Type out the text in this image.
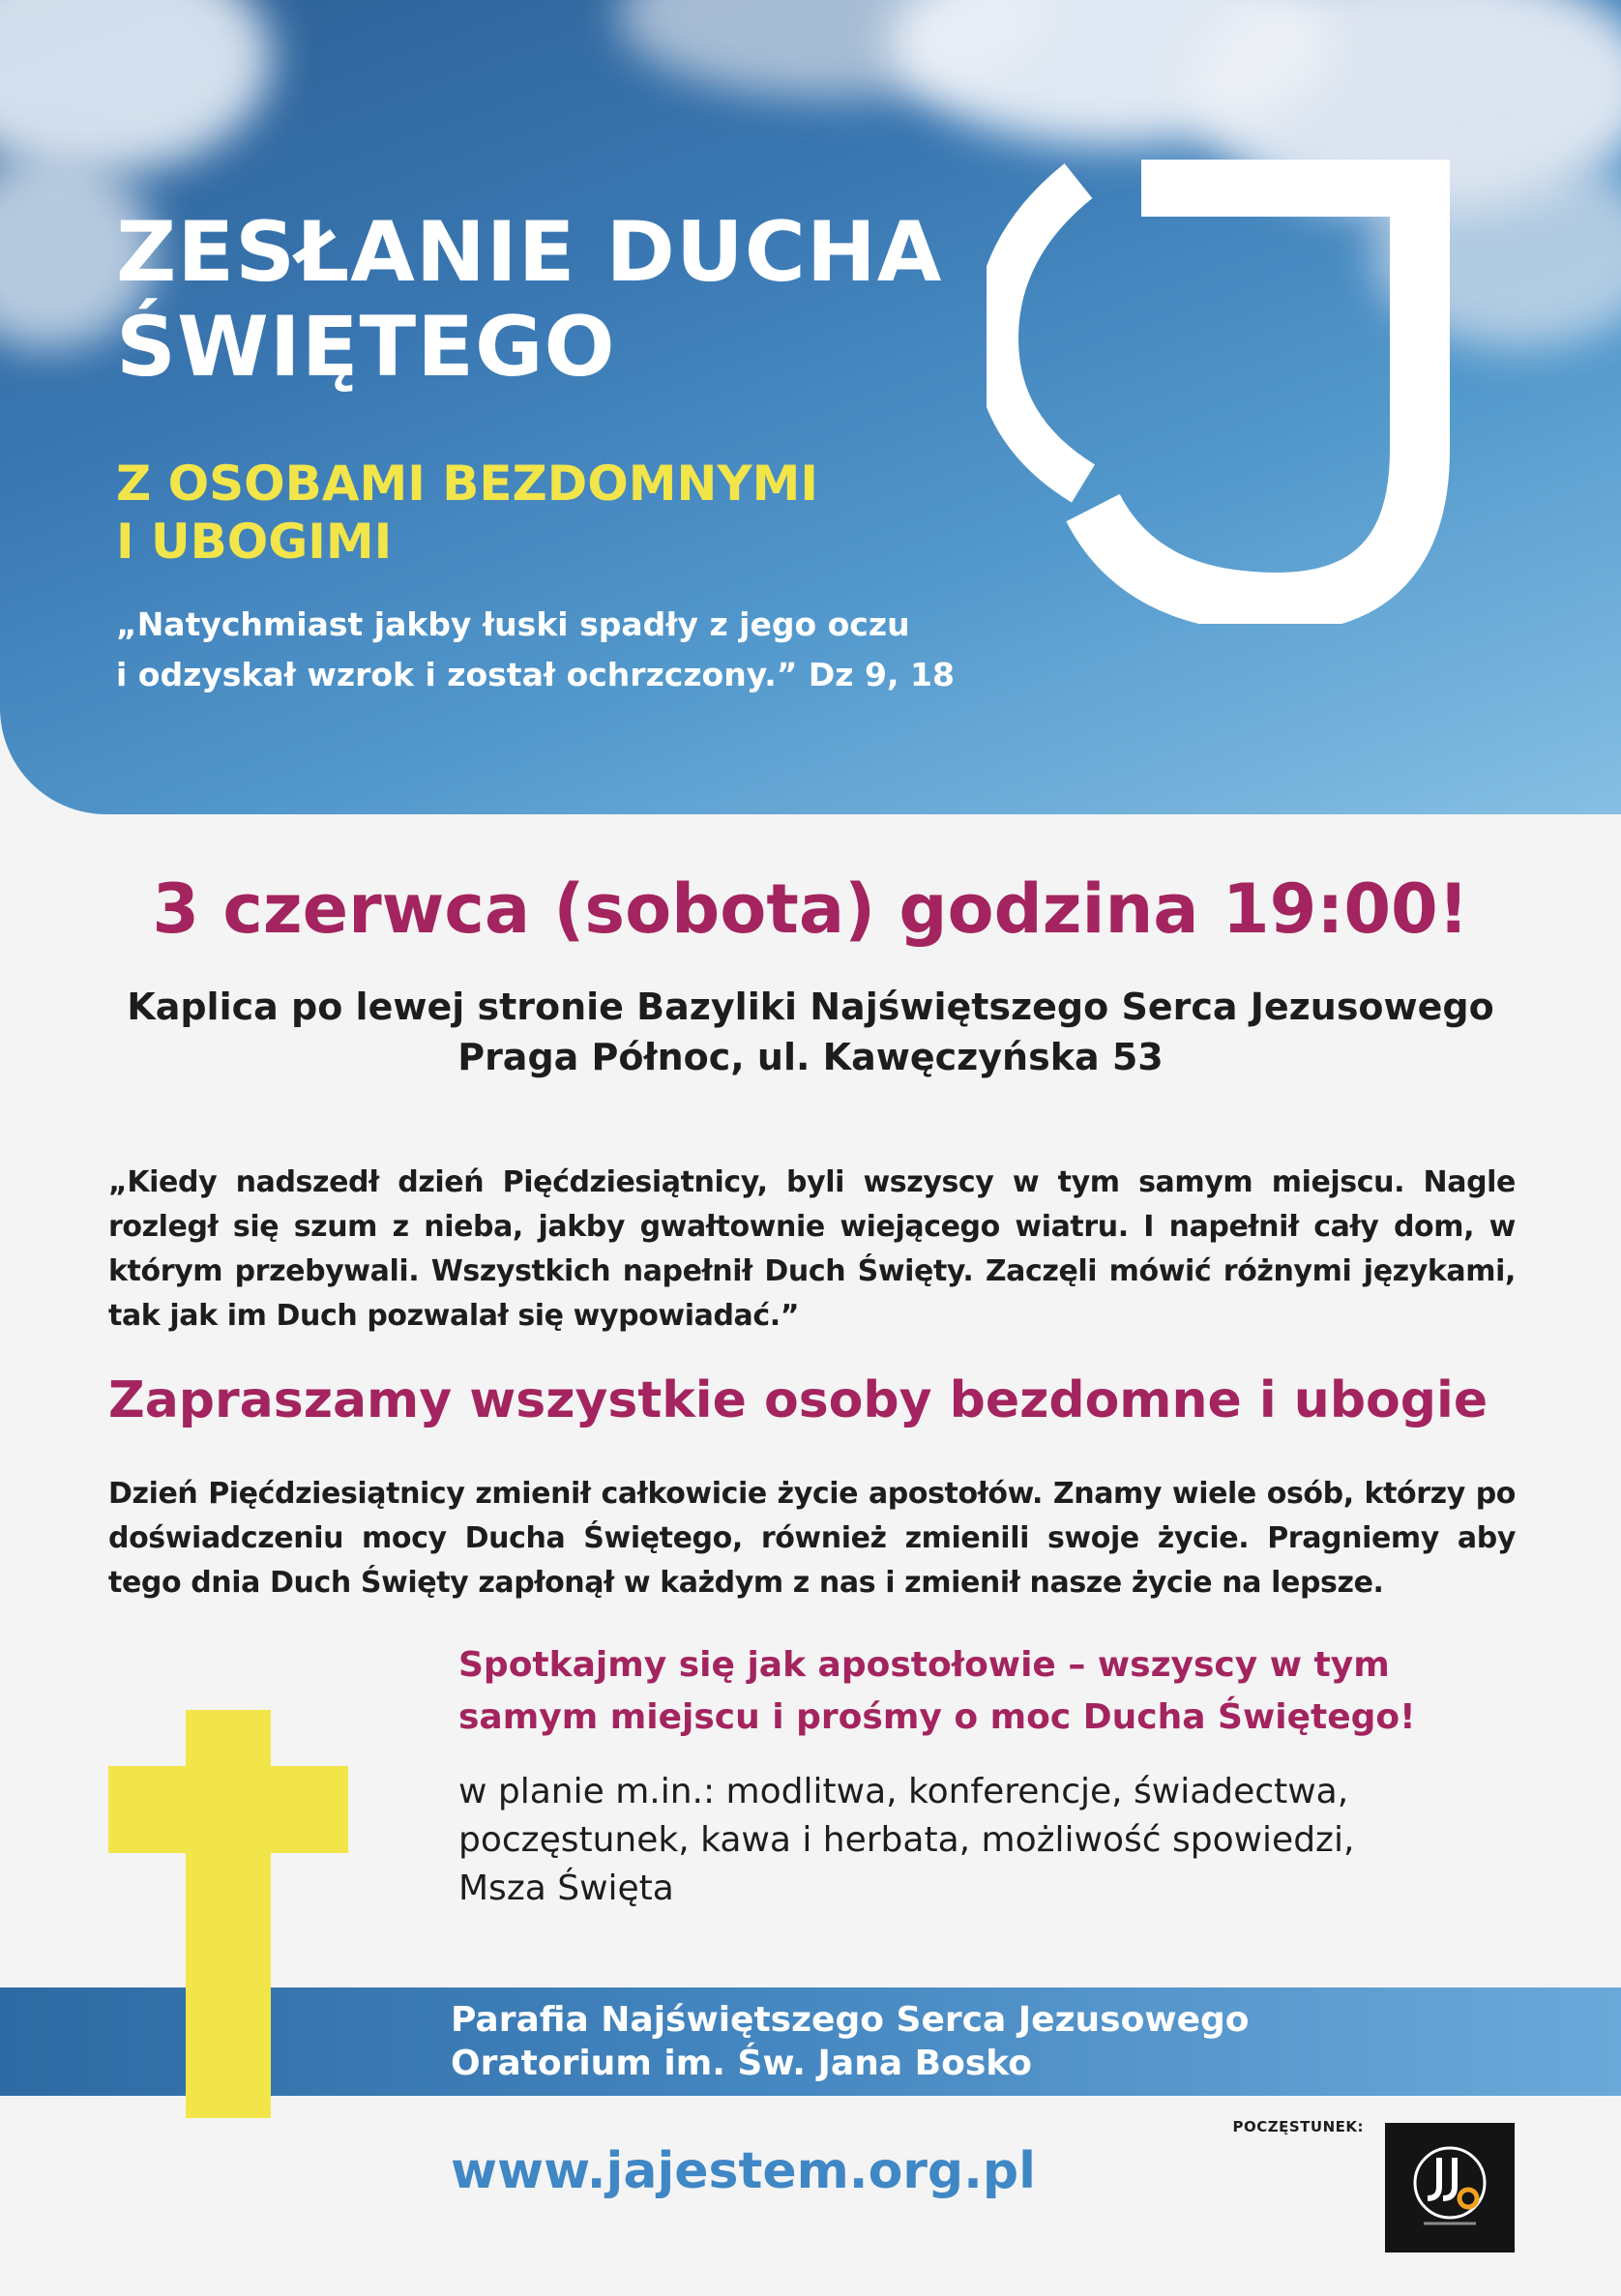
ZESŁANIE DUCHA
ŚWIĘTEGO
Z OSOBAMI BEZDOMNYMI
I UBOGIMI

„Natychmiast jakby łuski spadły z jego oczu
i odzyskał wzrok i został ochrzczony.” Dz 9, 18

3 czerwca (sobota) godzina 19:00!

Kaplica po lewej stronie Bazyliki Najświętszego Serca Jezusowego
Praga Północ, ul. Kawęczyńska 53

„Kiedy nadszedł dzień Pięćdziesiątnicy, byli wszyscy w tym samym miejscu. Nagle rozległ się szum z nieba, jakby gwałtownie wiejącego wiatru. I napełnił cały dom, w którym przebywali. Wszystkich napełnił Duch Święty. Zaczęli mówić różnymi językami, tak jak im Duch pozwalał się wypowiadać.”

Zapraszamy wszystkie osoby bezdomne i ubogie

Dzień Pięćdziesiątnicy zmienił całkowicie życie apostołów. Znamy wiele osób, którzy po doświadczeniu mocy Ducha Świętego, również zmienili swoje życie. Pragniemy aby tego dnia Duch Święty zapłonął w każdym z nas i zmienił nasze życie na lepsze.

Spotkajmy się jak apostołowie – wszyscy w tym
samym miejscu i prośmy o moc Ducha Świętego!

w planie m.in.: modlitwa, konferencje, świadectwa,
poczęstunek, kawa i herbata, możliwość spowiedzi,
Msza Święta

Parafia Najświętszego Serca Jezusowego
Oratorium im. Św. Jana Bosko

www.jajestem.org.pl

POCZĘSTUNEK:
